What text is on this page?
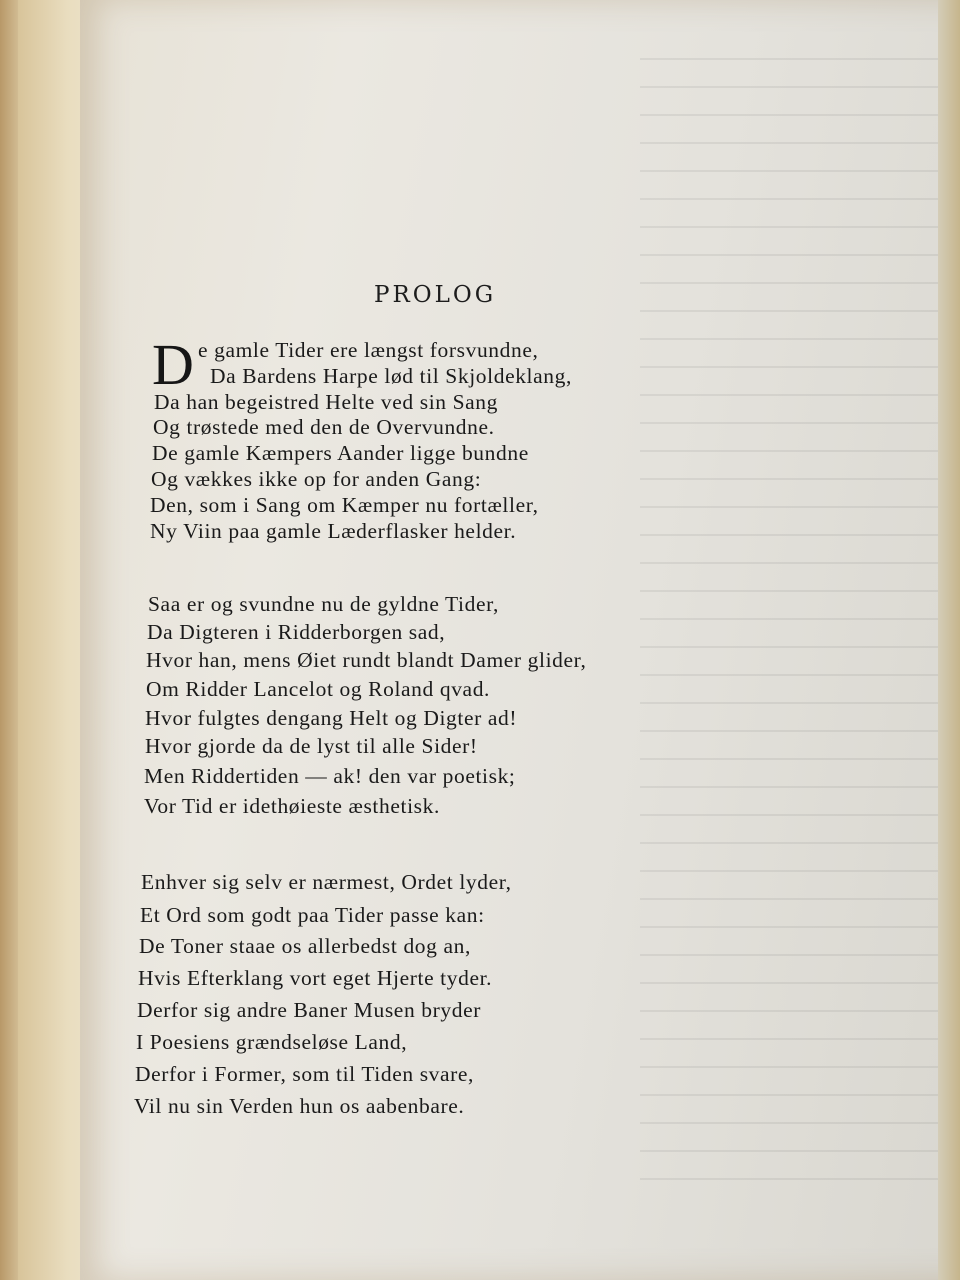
PROLOG
D e gamle Tider ere længst forsvundne,
Da Bardens Harpe lød til Skjoldeklang,
Da han begeistred Helte ved sin Sang
Og trøstede med den de Overvundne.
De gamle Kæmpers Aander ligge bundne
Og vækkes ikke op for anden Gang:
Den, som i Sang om Kæmper nu fortæller,
Ny Viin paa gamle Læderflasker helder.
Saa er og svundne nu de gyldne Tider,
Da Digteren i Ridderborgen sad,
Hvor han, mens Øiet rundt blandt Damer glider,
Om Ridder Lancelot og Roland qvad.
Hvor fulgtes dengang Helt og Digter ad!
Hvor gjorde da de lyst til alle Sider!
Men Riddertiden — ak! den var poetisk;
Vor Tid er idethøieste æsthetisk.
Enhver sig selv er nærmest, Ordet lyder,
Et Ord som godt paa Tider passe kan:
De Toner staae os allerbedst dog an,
Hvis Efterklang vort eget Hjerte tyder.
Derfor sig andre Baner Musen bryder
I Poesiens grændseløse Land,
Derfor i Former, som til Tiden svare,
Vil nu sin Verden hun os aabenbare.
